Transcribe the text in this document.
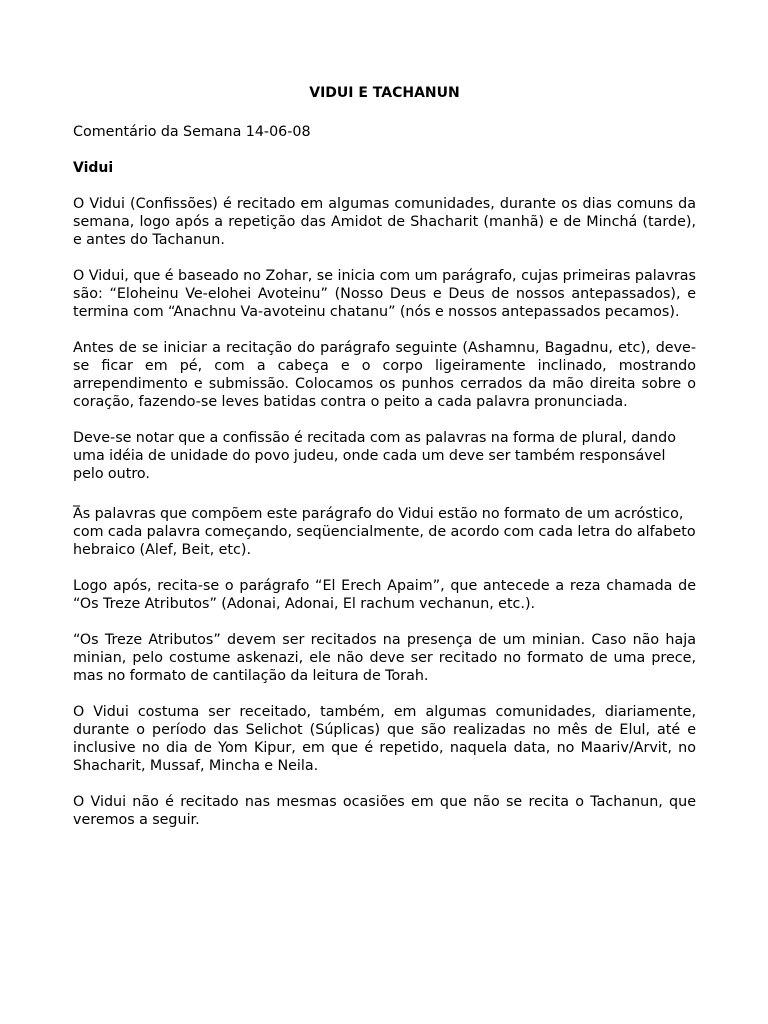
VIDUI E TACHANUN

Comentário da Semana 14-06-08

Vidui

O Vidui (Confissões) é recitado em algumas comunidades, durante os dias comuns da semana, logo após a repetição das Amidot de Shacharit (manhã) e de Minchá (tarde), e antes do Tachanun.

O Vidui, que é baseado no Zohar, se inicia com um parágrafo, cujas primeiras palavras são: “Eloheinu Ve-elohei Avoteinu” (Nosso Deus e Deus de nossos antepassados), e termina com “Anachnu Va-avoteinu chatanu” (nós e nossos antepassados pecamos).

Antes de se iniciar a recitação do parágrafo seguinte (Ashamnu, Bagadnu, etc), deve-se ficar em pé, com a cabeça e o corpo ligeiramente inclinado, mostrando arrependimento e submissão. Colocamos os punhos cerrados da mão direita sobre o coração, fazendo-se leves batidas contra o peito a cada palavra pronunciada.

Deve-se notar que a confissão é recitada com as palavras na forma de plural, dando uma idéia de unidade do povo judeu, onde cada um deve ser também responsável pelo outro.

_

As palavras que compõem este parágrafo do Vidui estão no formato de um acróstico, com cada palavra começando, seqüencialmente, de acordo com cada letra do alfabeto hebraico (Alef, Beit, etc).

Logo após, recita-se o parágrafo “El Erech Apaim”, que antecede a reza chamada de “Os Treze Atributos” (Adonai, Adonai, El rachum vechanun, etc.).

“Os Treze Atributos” devem ser recitados na presença de um minian. Caso não haja minian, pelo costume askenazi, ele não deve ser recitado no formato de uma prece, mas no formato de cantilação da leitura de Torah.

O Vidui costuma ser receitado, também, em algumas comunidades, diariamente, durante o período das Selichot (Súplicas) que são realizadas no mês de Elul, até e inclusive no dia de Yom Kipur, em que é repetido, naquela data, no Maariv/Arvit, no Shacharit, Mussaf, Mincha e Neila.

O Vidui não é recitado nas mesmas ocasiões em que não se recita o Tachanun, que veremos a seguir.
